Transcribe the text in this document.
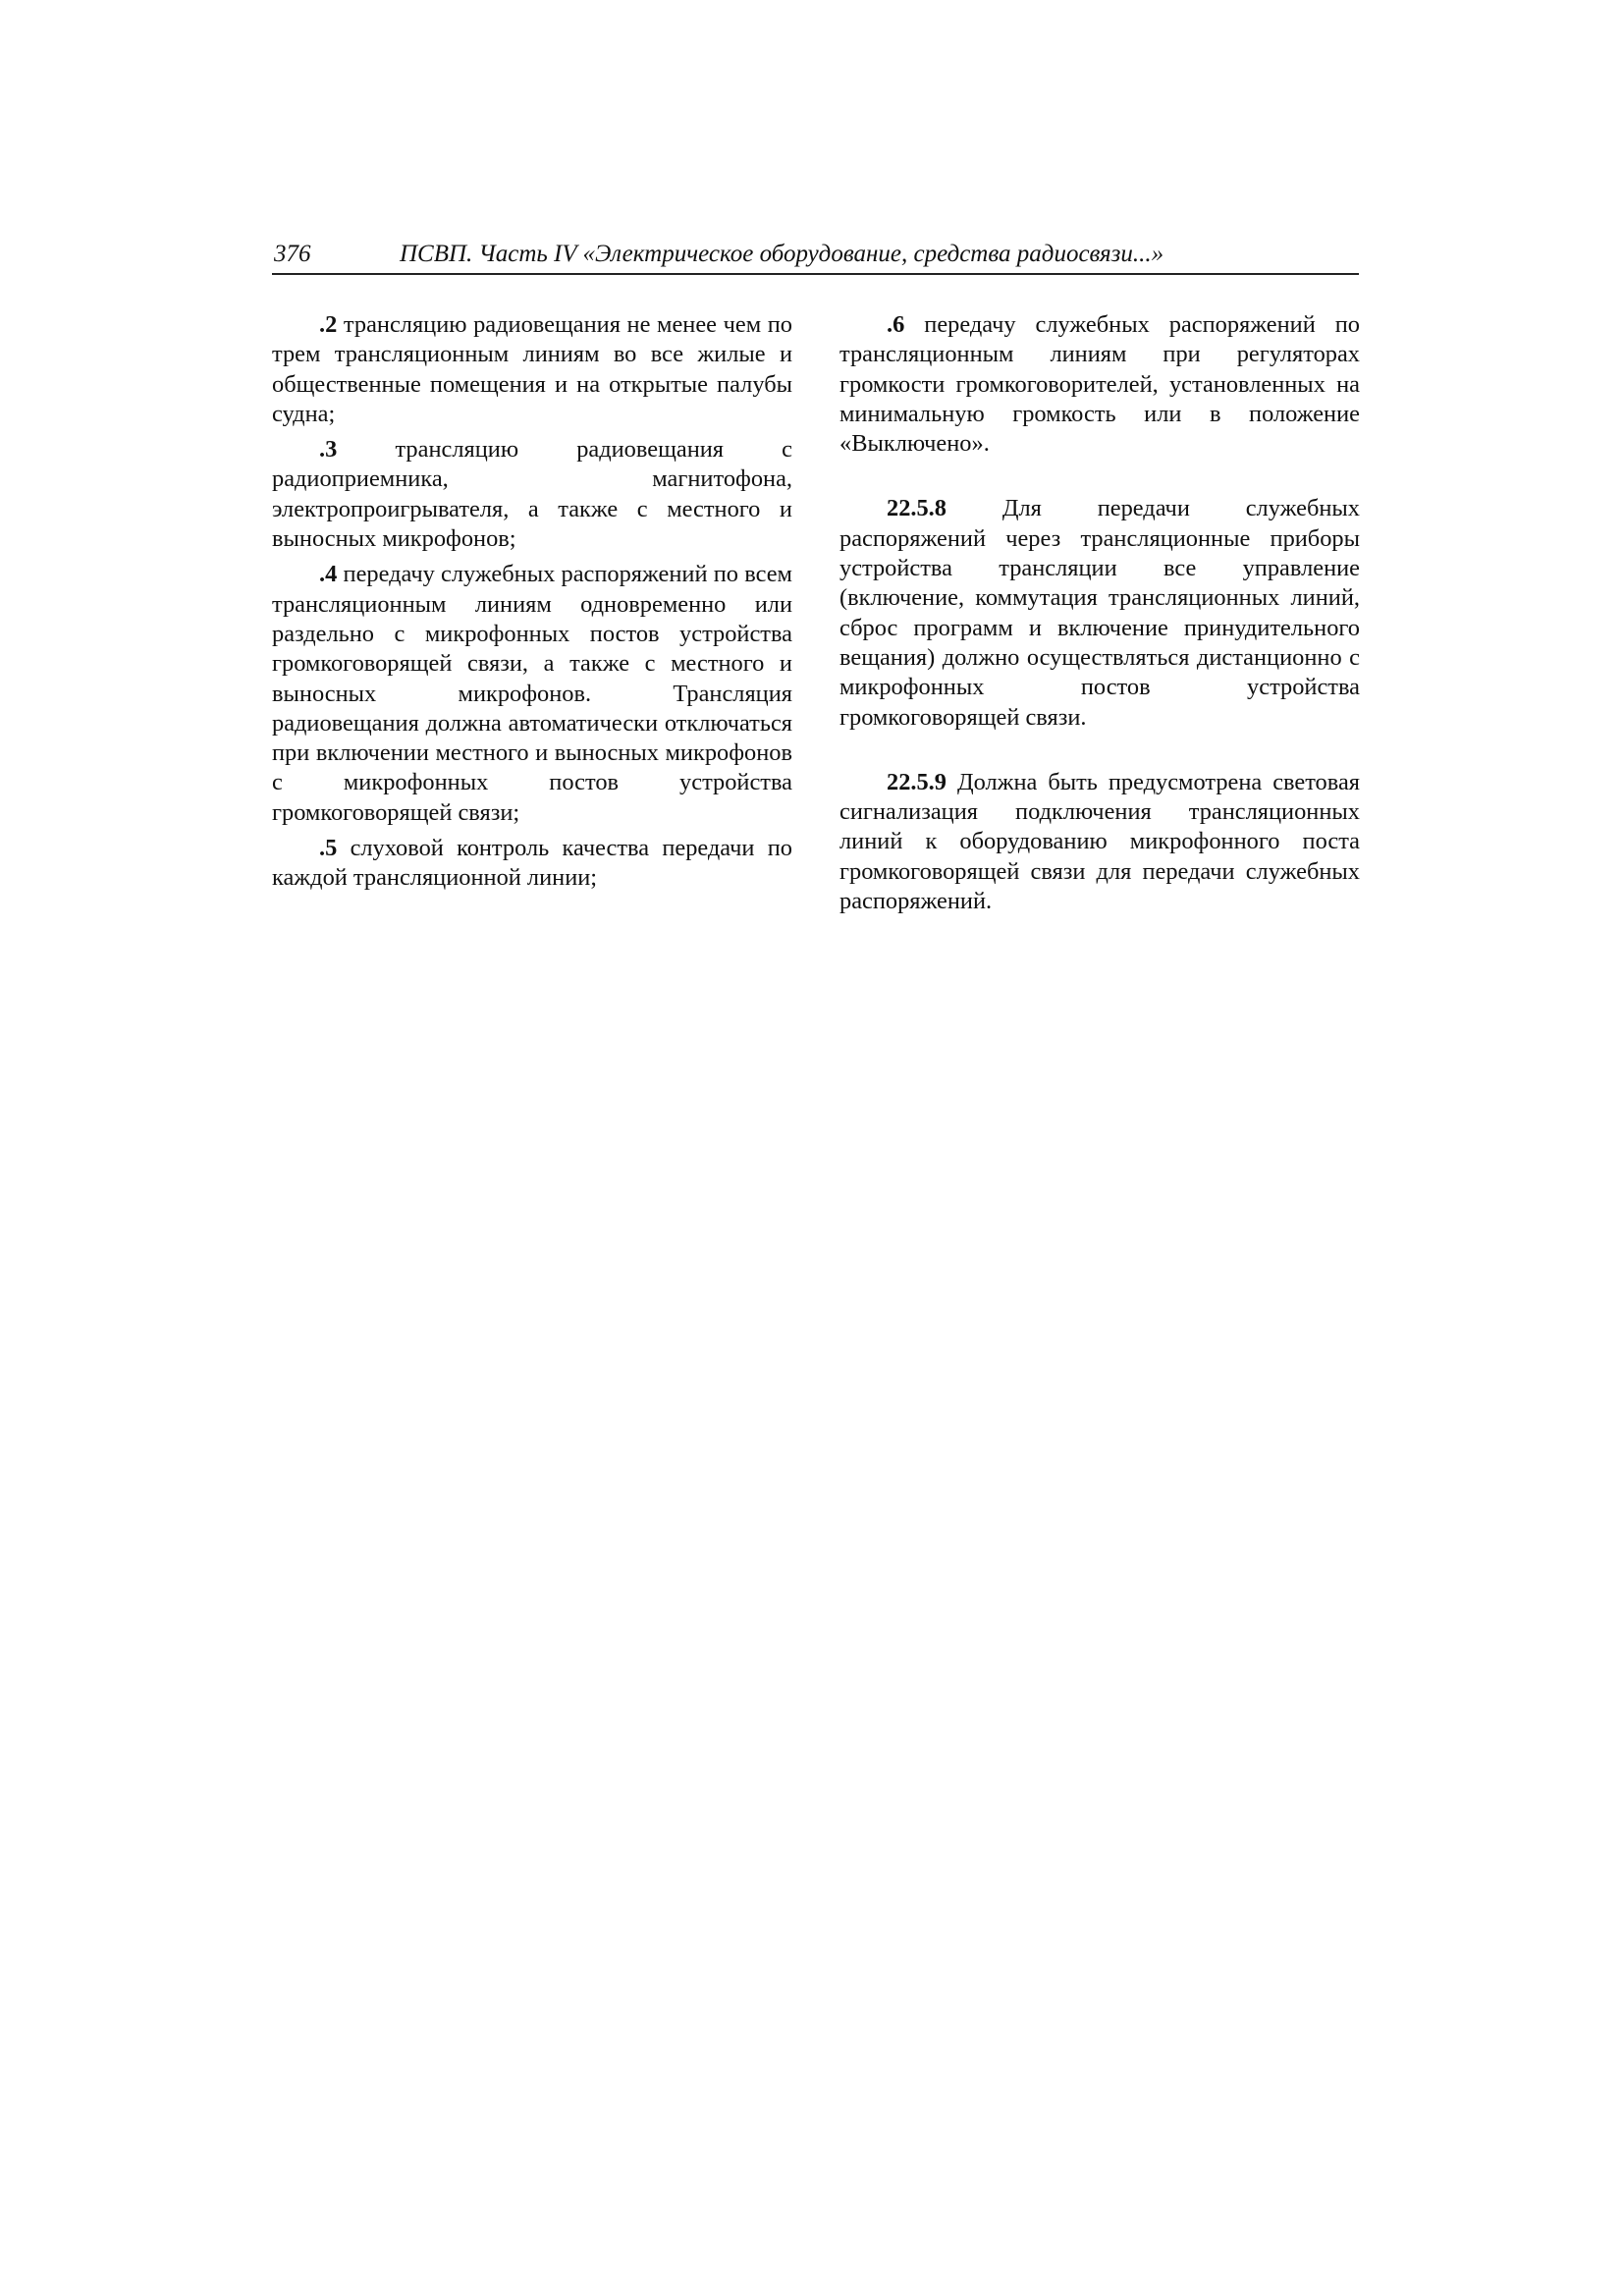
376	ПСВП. Часть IV «Электрическое оборудование, средства радиосвязи...»

.2 трансляцию радиовещания не менее чем по трем трансляционным линиям во все жилые и общественные помещения и на открытые палубы судна;

.3 трансляцию радиовещания с радиоприемника, магнитофона, электропроигрывателя, а также с местного и выносных микрофонов;

.4 передачу служебных распоряжений по всем трансляционным линиям одновременно или раздельно с микрофонных постов устройства громкоговорящей связи, а также с местного и выносных микрофонов. Трансляция радиовещания должна автоматически отключаться при включении местного и выносных микрофонов с микрофонных постов устройства громкоговорящей связи;

.5 слуховой контроль качества передачи по каждой трансляционной линии;

.6 передачу служебных распоряжений по трансляционным линиям при регуляторах громкости громкоговорителей, установленных на минимальную громкость или в положение «Выключено».

22.5.8 Для передачи служебных распоряжений через трансляционные приборы устройства трансляции все управление (включение, коммутация трансляционных линий, сброс программ и включение принудительного вещания) должно осуществляться дистанционно с микрофонных постов устройства громкоговорящей связи.

22.5.9 Должна быть предусмотрена световая сигнализация подключения трансляционных линий к оборудованию микрофонного поста громкоговорящей связи для передачи служебных распоряжений.
